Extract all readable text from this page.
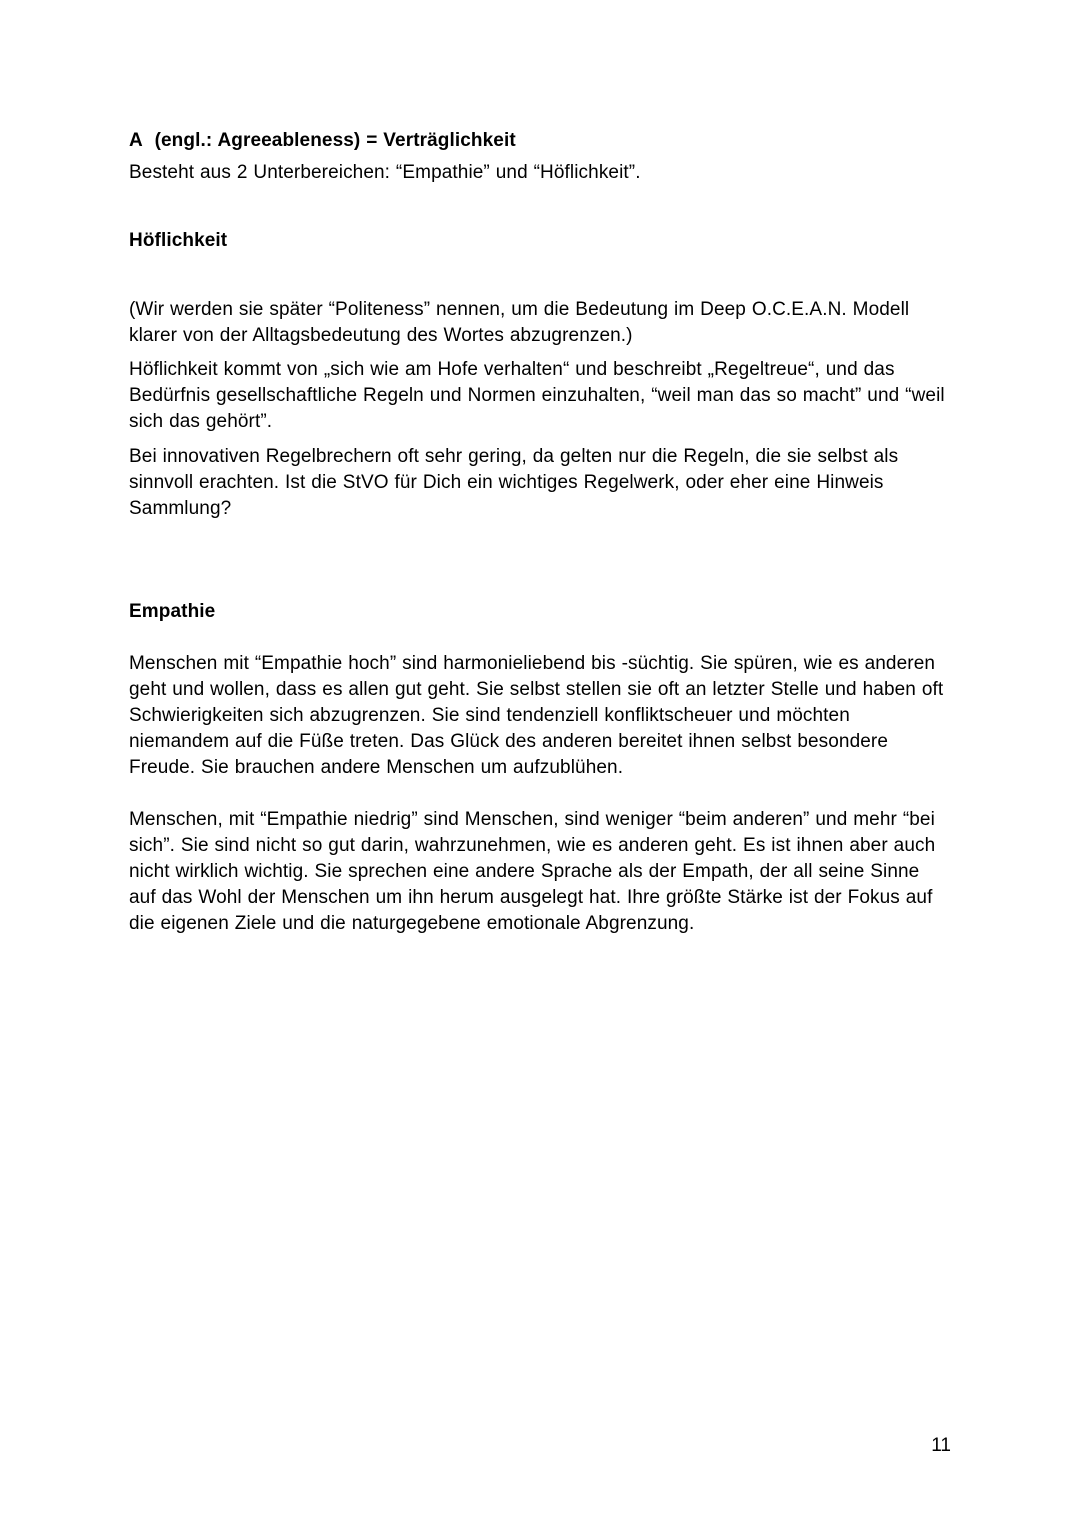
A  (engl.: Agreeableness) = Verträglichkeit

Besteht aus 2 Unterbereichen: “Empathie” und “Höflichkeit”.

Höflichkeit

(Wir werden sie später “Politeness” nennen, um die Bedeutung im Deep O.C.E.A.N. Modell klarer von der Alltagsbedeutung des Wortes abzugrenzen.)

Höflichkeit kommt von „sich wie am Hofe verhalten“ und beschreibt „Regeltreue“, und das Bedürfnis gesellschaftliche Regeln und Normen einzuhalten, “weil man das so macht” und “weil sich das gehört”.

Bei innovativen Regelbrechern oft sehr gering, da gelten nur die Regeln, die sie selbst als sinnvoll erachten. Ist die StVO für Dich ein wichtiges Regelwerk, oder eher eine Hinweis Sammlung?

Empathie

Menschen mit “Empathie hoch” sind harmonieliebend bis -süchtig. Sie spüren, wie es anderen geht und wollen, dass es allen gut geht. Sie selbst stellen sie oft an letzter Stelle und haben oft Schwierigkeiten sich abzugrenzen. Sie sind tendenziell konfliktscheuer und möchten niemandem auf die Füße treten. Das Glück des anderen bereitet ihnen selbst besondere Freude. Sie brauchen andere Menschen um aufzublühen.

Menschen, mit “Empathie niedrig” sind Menschen, sind weniger “beim anderen” und mehr “bei sich”. Sie sind nicht so gut darin, wahrzunehmen, wie es anderen geht. Es ist ihnen aber auch nicht wirklich wichtig. Sie sprechen eine andere Sprache als der Empath, der all seine Sinne auf das Wohl der Menschen um ihn herum ausgelegt hat. Ihre größte Stärke ist der Fokus auf die eigenen Ziele und die naturgegebene emotionale Abgrenzung.

11
